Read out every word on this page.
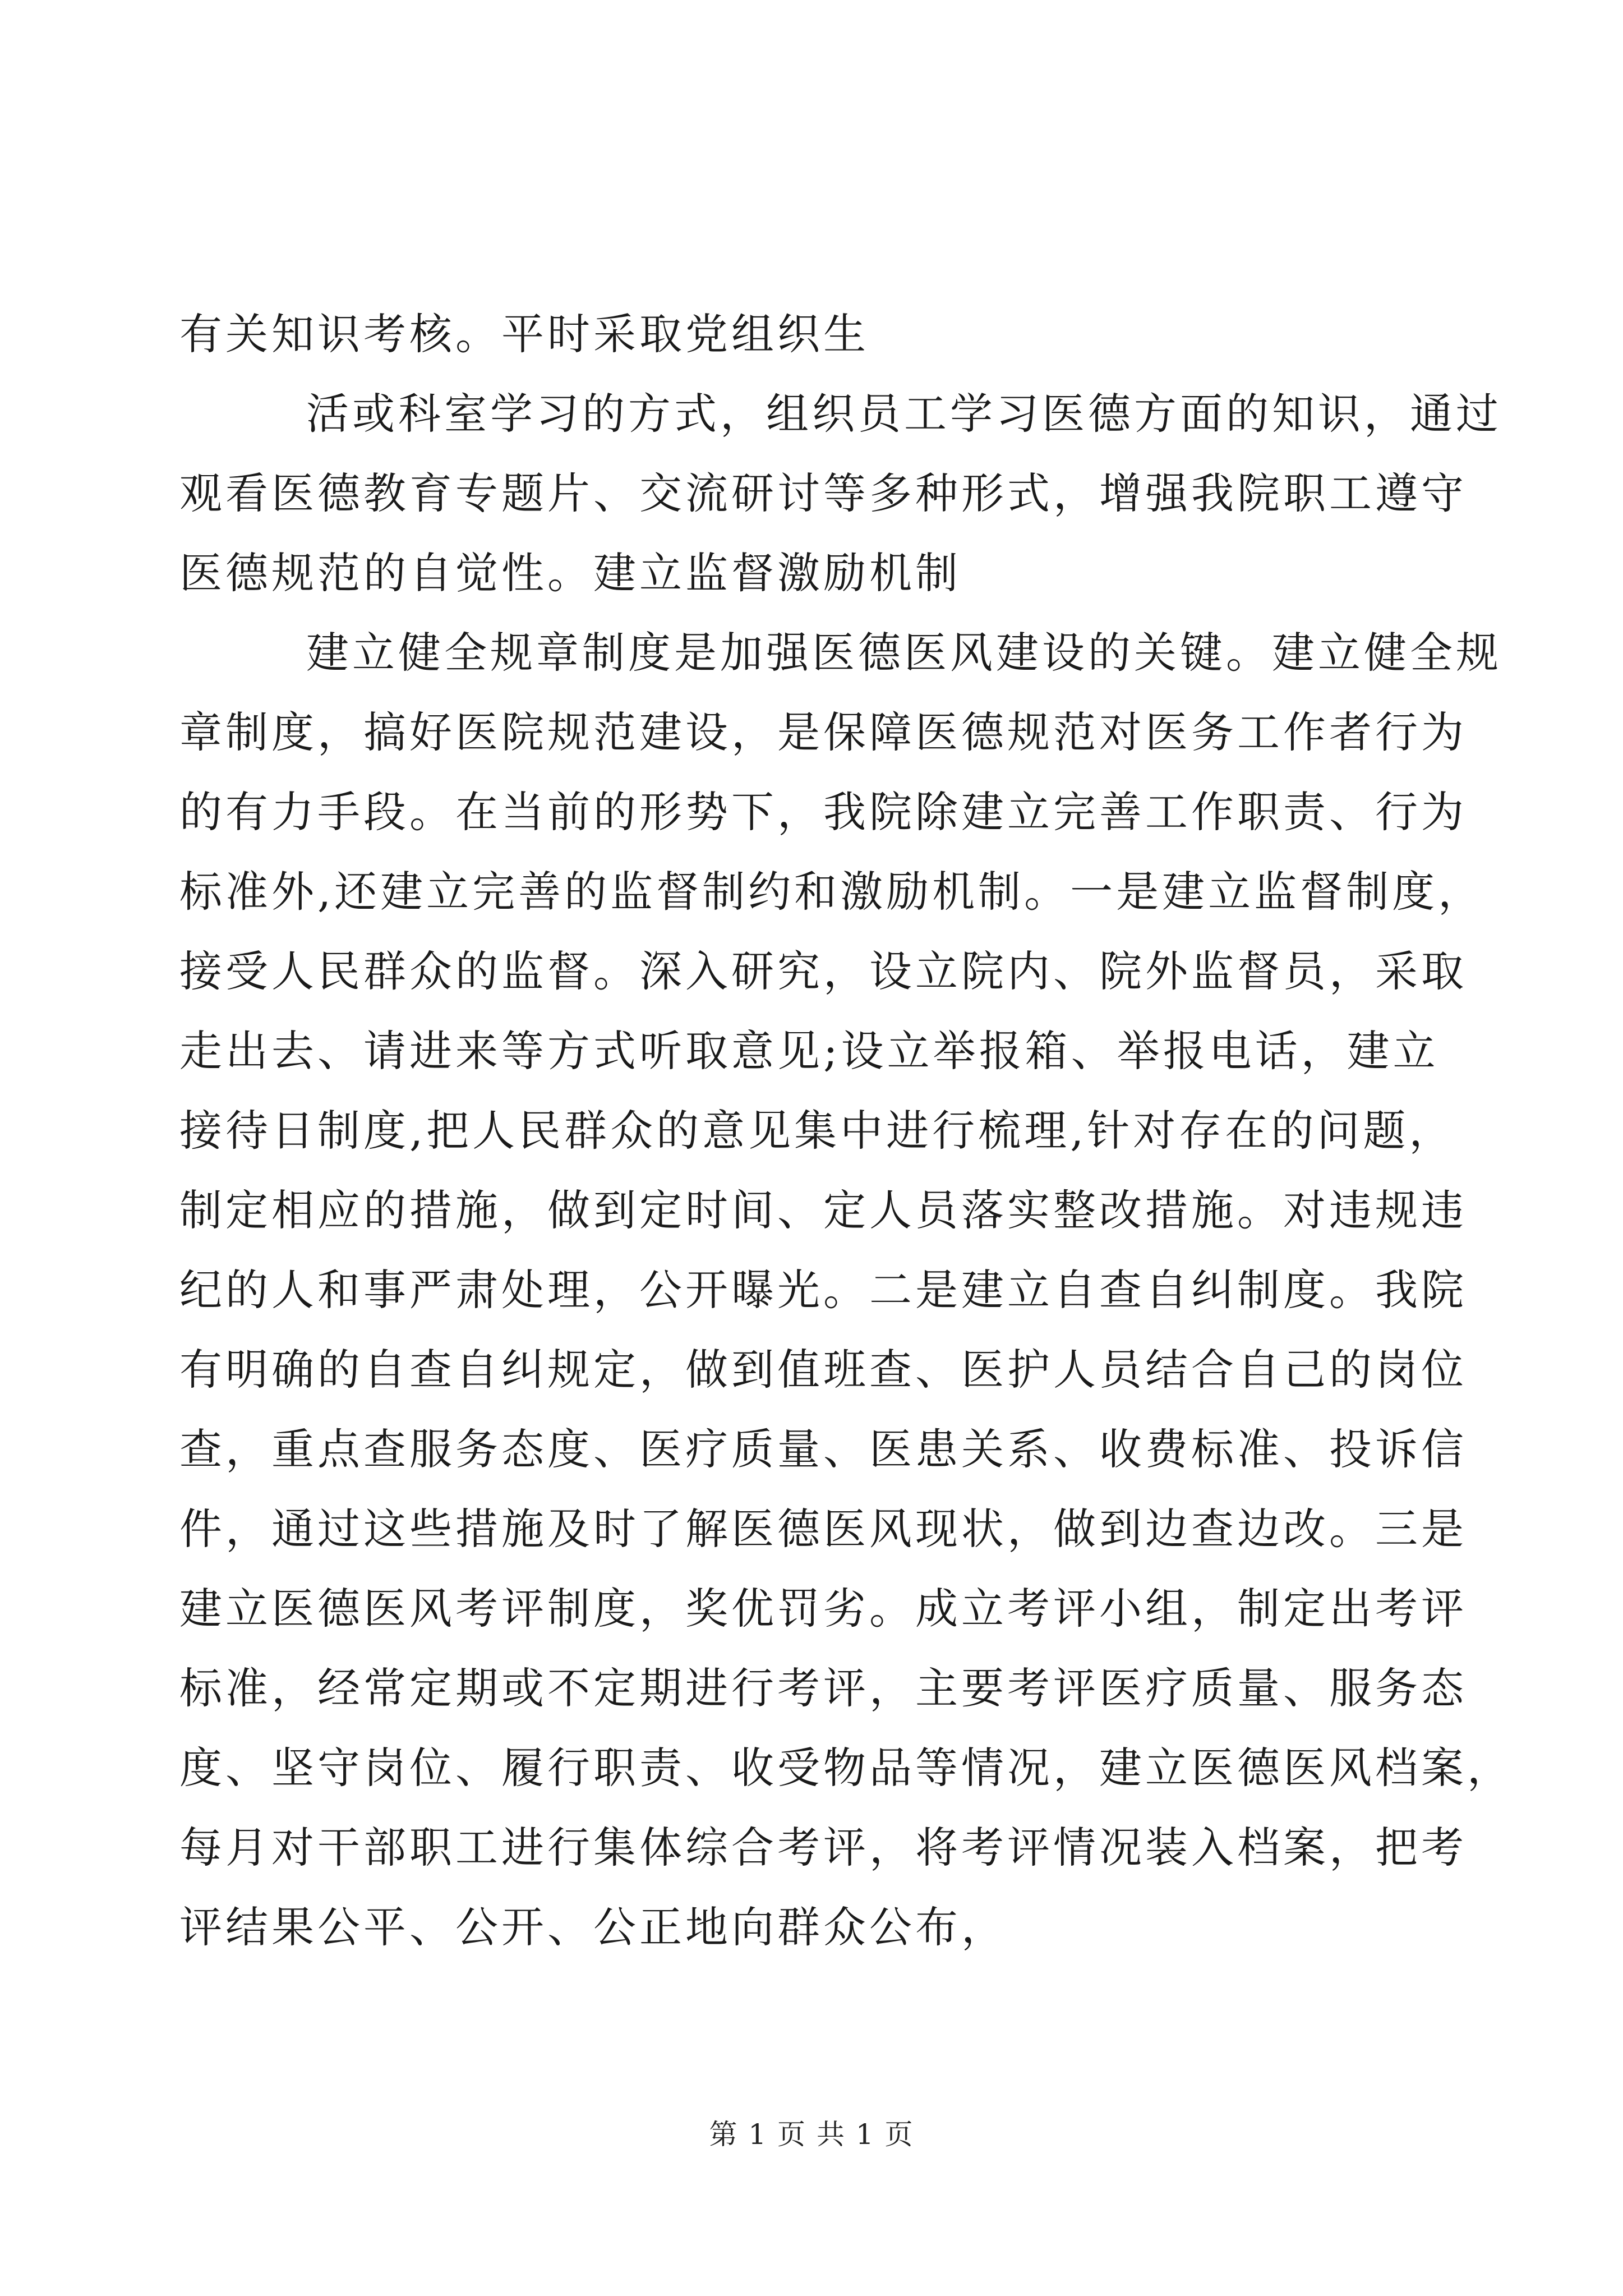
有关知识考核。平时采取党组织生
活或科室学习的方式，组织员工学习医德方面的知识，通过
观看医德教育专题片、交流研讨等多种形式，增强我院职工遵守
医德规范的自觉性。建立监督激励机制
建立健全规章制度是加强医德医风建设的关键。建立健全规
章制度，搞好医院规范建设，是保障医德规范对医务工作者行为
的有力手段。在当前的形势下，我院除建立完善工作职责、行为
标准外,还建立完善的监督制约和激励机制。一是建立监督制度，
接受人民群众的监督。深入研究，设立院内、院外监督员，采取
走出去、请进来等方式听取意见;设立举报箱、举报电话，建立
接待日制度,把人民群众的意见集中进行梳理,针对存在的问题，
制定相应的措施，做到定时间、定人员落实整改措施。对违规违
纪的人和事严肃处理，公开曝光。二是建立自查自纠制度。我院
有明确的自查自纠规定，做到值班查、医护人员结合自己的岗位
查，重点查服务态度、医疗质量、医患关系、收费标准、投诉信
件，通过这些措施及时了解医德医风现状，做到边查边改。三是
建立医德医风考评制度，奖优罚劣。成立考评小组，制定出考评
标准，经常定期或不定期进行考评，主要考评医疗质量、服务态
度、坚守岗位、履行职责、收受物品等情况，建立医德医风档案，
每月对干部职工进行集体综合考评，将考评情况装入档案，把考
评结果公平、公开、公正地向群众公布，
第 1 页 共 1 页
